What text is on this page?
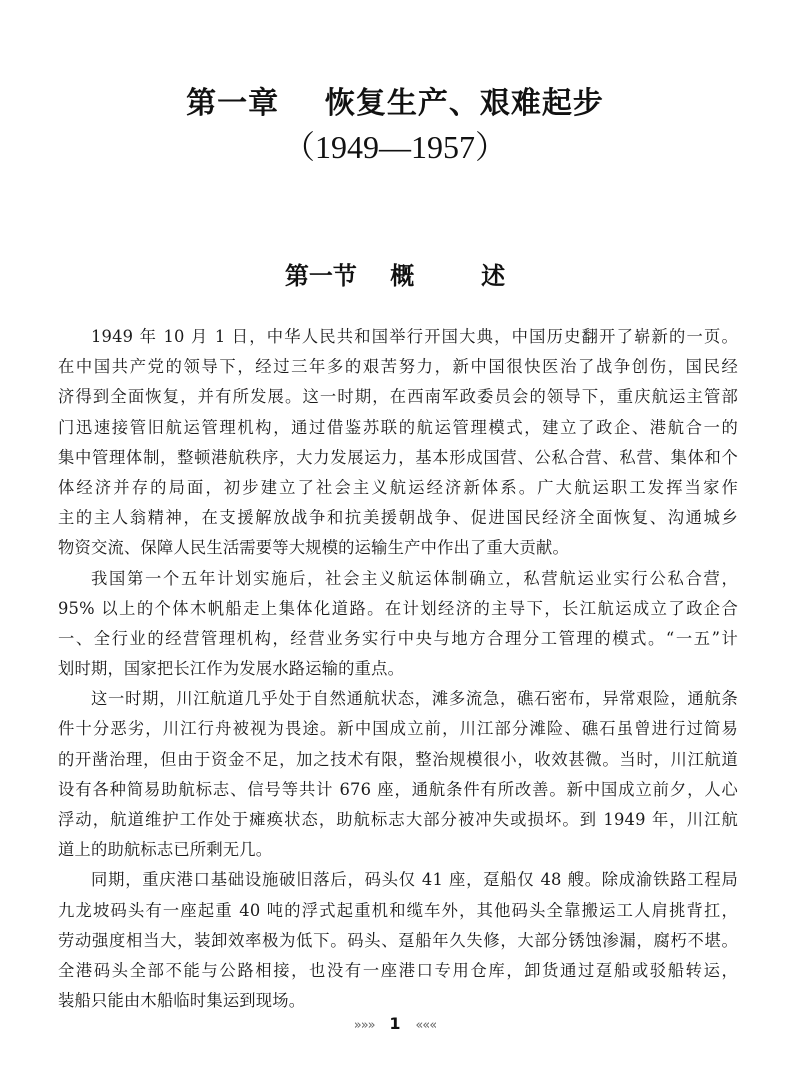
第一章    恢复生产、艰难起步
（1949—1957）
第一节    概        述
1949 年 10 月 1 日，中华人民共和国举行开国大典，中国历史翻开了崭新的一页。
在中国共产党的领导下，经过三年多的艰苦努力，新中国很快医治了战争创伤，国民经
济得到全面恢复，并有所发展。这一时期，在西南军政委员会的领导下，重庆航运主管部
门迅速接管旧航运管理机构，通过借鉴苏联的航运管理模式，建立了政企、港航合一的
集中管理体制，整顿港航秩序，大力发展运力，基本形成国营、公私合营、私营、集体和个
体经济并存的局面，初步建立了社会主义航运经济新体系。广大航运职工发挥当家作
主的主人翁精神，在支援解放战争和抗美援朝战争、促进国民经济全面恢复、沟通城乡
物资交流、保障人民生活需要等大规模的运输生产中作出了重大贡献。
我国第一个五年计划实施后，社会主义航运体制确立，私营航运业实行公私合营，
95% 以上的个体木帆船走上集体化道路。在计划经济的主导下，长江航运成立了政企合
一、全行业的经营管理机构，经营业务实行中央与地方合理分工管理的模式。“一五”计
划时期，国家把长江作为发展水路运输的重点。
这一时期，川江航道几乎处于自然通航状态，滩多流急，礁石密布，异常艰险，通航条
件十分恶劣，川江行舟被视为畏途。新中国成立前，川江部分滩险、礁石虽曾进行过简易
的开凿治理，但由于资金不足，加之技术有限，整治规模很小，收效甚微。当时，川江航道
设有各种简易助航标志、信号等共计 676 座，通航条件有所改善。新中国成立前夕，人心
浮动，航道维护工作处于瘫痪状态，助航标志大部分被冲失或损坏。到 1949 年，川江航
道上的助航标志已所剩无几。
同期，重庆港口基础设施破旧落后，码头仅 41 座，趸船仅 48 艘。除成渝铁路工程局
九龙坡码头有一座起重 40 吨的浮式起重机和缆车外，其他码头全靠搬运工人肩挑背扛，
劳动强度相当大，装卸效率极为低下。码头、趸船年久失修，大部分锈蚀渗漏，腐朽不堪。
全港码头全部不能与公路相接，也没有一座港口专用仓库，卸货通过趸船或驳船转运，
装船只能由木船临时集运到现场。
»»» 1 «««
